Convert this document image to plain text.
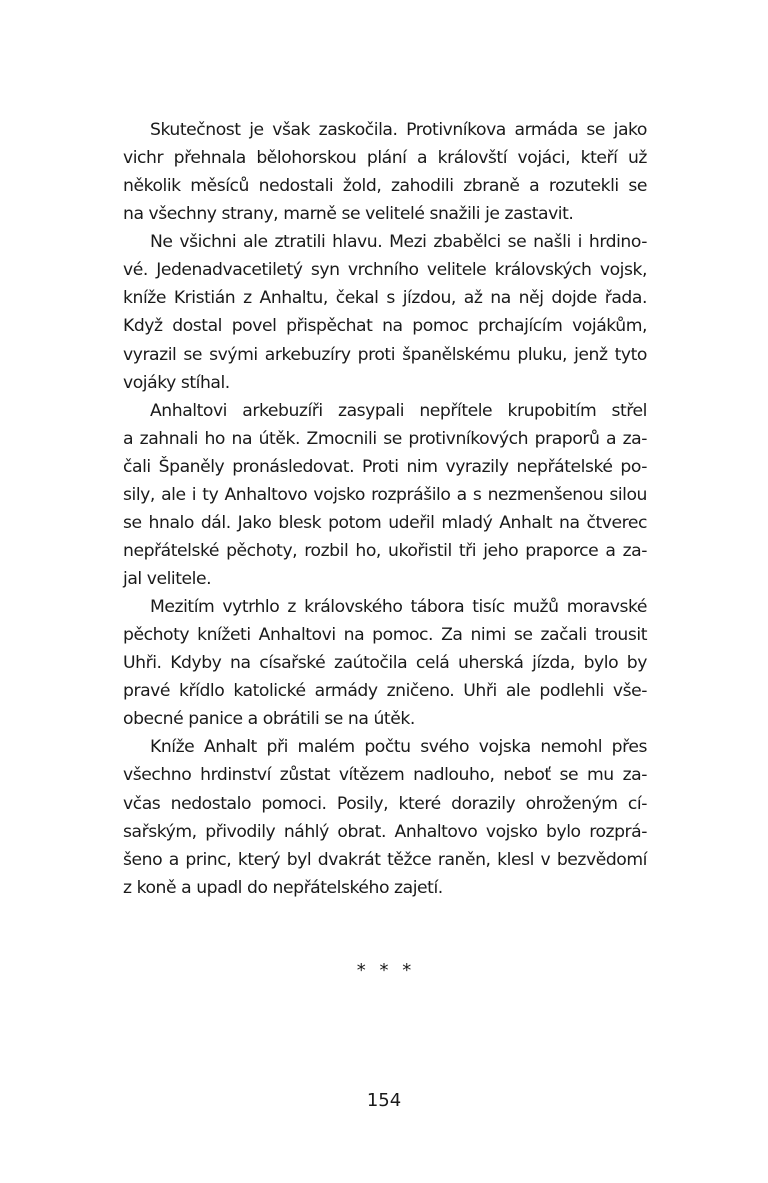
Skutečnost je však zaskočila. Protivníkova armáda se jako
vichr přehnala bělohorskou plání a královští vojáci, kteří už
několik měsíců nedostali žold, zahodili zbraně a rozutekli se
na všechny strany, marně se velitelé snažili je zastavit.
Ne všichni ale ztratili hlavu. Mezi zbabělci se našli i hrdino-
vé. Jedenadvacetiletý syn vrchního velitele královských vojsk,
kníže Kristián z Anhaltu, čekal s jízdou, až na něj dojde řada.
Když dostal povel přispěchat na pomoc prchajícím vojákům,
vyrazil se svými arkebuzíry proti španělskému pluku, jenž tyto
vojáky stíhal.
Anhaltovi arkebuzíři zasypali nepřítele krupobitím střel
a zahnali ho na útěk. Zmocnili se protivníkových praporů a za-
čali Španěly pronásledovat. Proti nim vyrazily nepřátelské po-
sily, ale i ty Anhaltovo vojsko rozprášilo a s nezmenšenou silou
se hnalo dál. Jako blesk potom udeřil mladý Anhalt na čtverec
nepřátelské pěchoty, rozbil ho, ukořistil tři jeho praporce a za-
jal velitele.
Mezitím vytrhlo z královského tábora tisíc mužů moravské
pěchoty knížeti Anhaltovi na pomoc. Za nimi se začali trousit
Uhři. Kdyby na císařské zaútočila celá uherská jízda, bylo by
pravé křídlo katolické armády zničeno. Uhři ale podlehli vše-
obecné panice a obrátili se na útěk.
Kníže Anhalt při malém počtu svého vojska nemohl přes
všechno hrdinství zůstat vítězem nadlouho, neboť se mu za-
včas nedostalo pomoci. Posily, které dorazily ohroženým cí-
sařským, přivodily náhlý obrat. Anhaltovo vojsko bylo rozprá-
šeno a princ, který byl dvakrát těžce raněn, klesl v bezvědomí
z koně a upadl do nepřátelského zajetí.
* * *
154
